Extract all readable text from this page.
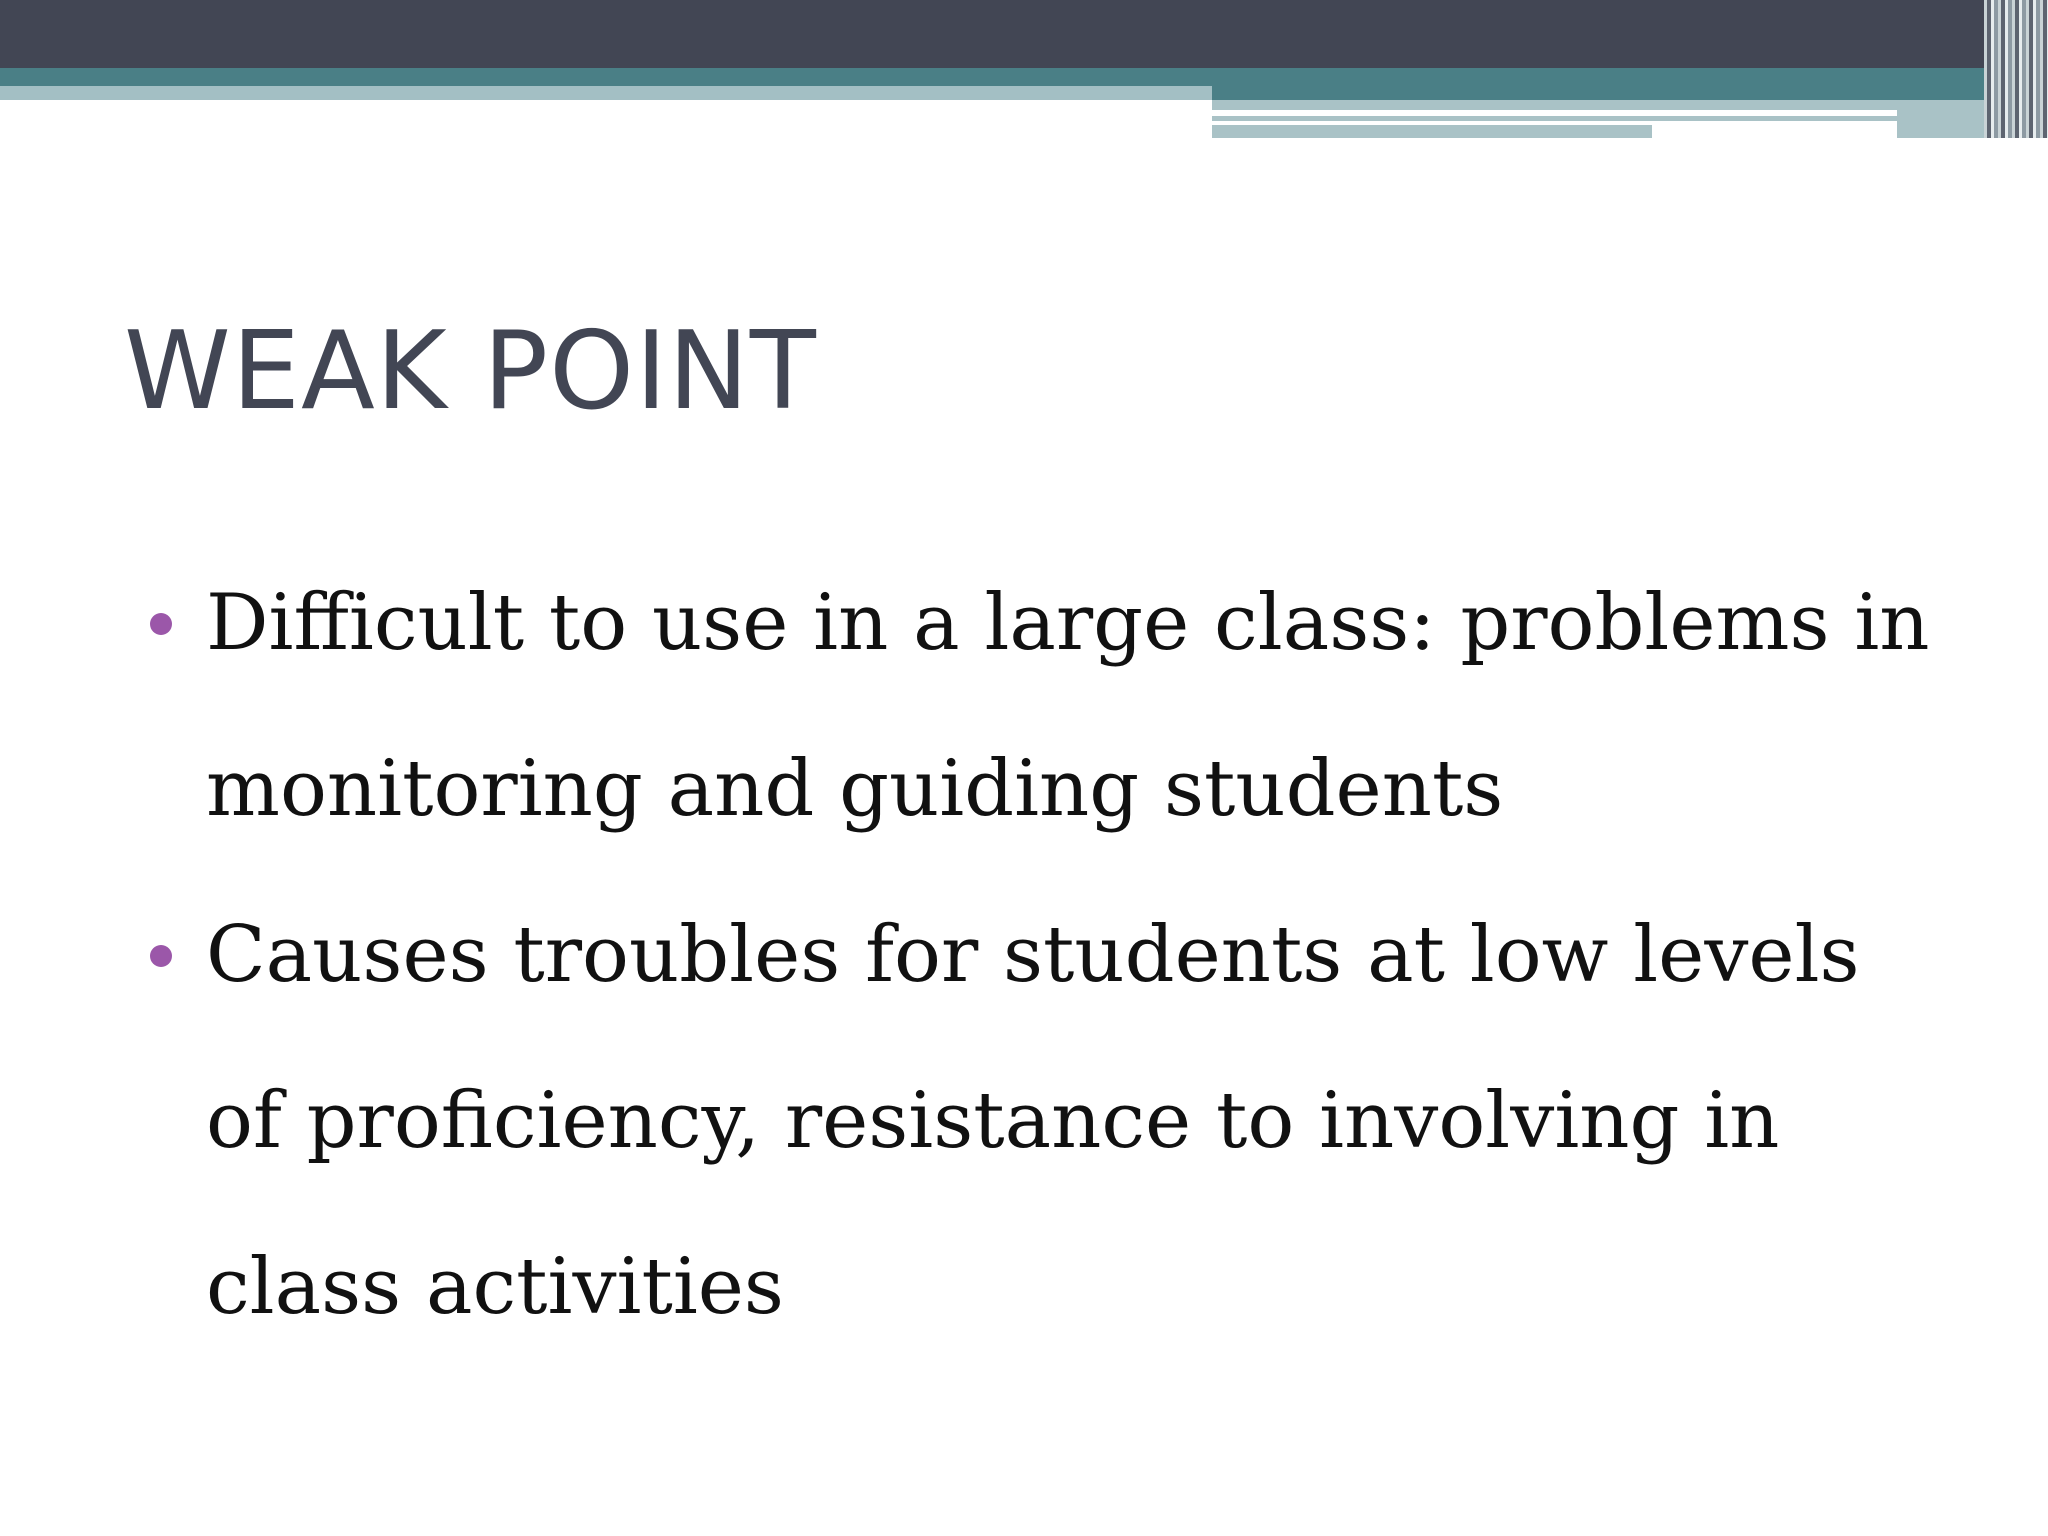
WEAK POINT
Difficult to use in a large class: problems in monitoring and guiding students
Causes troubles for students at low levels of proficiency, resistance to involving in class activities
